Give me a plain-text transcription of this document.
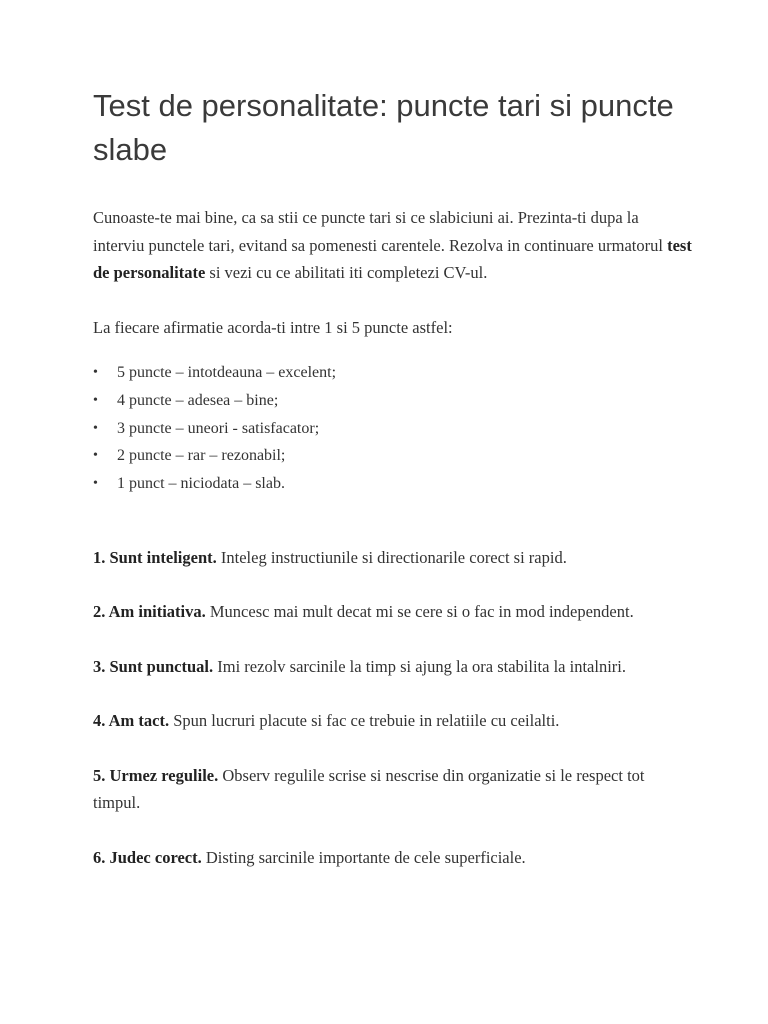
Test de personalitate: puncte tari si puncte slabe

Cunoaste-te mai bine, ca sa stii ce puncte tari si ce slabiciuni ai. Prezinta-ti dupa la interviu punctele tari, evitand sa pomenesti carentele. Rezolva in continuare urmatorul test de personalitate si vezi cu ce abilitati iti completezi CV-ul.

La fiecare afirmatie acorda-ti intre 1 si 5 puncte astfel:

• 5 puncte – intotdeauna – excelent;
• 4 puncte – adesea – bine;
• 3 puncte – uneori - satisfacator;
• 2 puncte – rar – rezonabil;
• 1 punct – niciodata – slab.

1. Sunt inteligent. Inteleg instructiunile si directionarile corect si rapid.

2. Am initiativa. Muncesc mai mult decat mi se cere si o fac in mod independent.

3. Sunt punctual. Imi rezolv sarcinile la timp si ajung la ora stabilita la intalniri.

4. Am tact. Spun lucruri placute si fac ce trebuie in relatiile cu ceilalti.

5. Urmez regulile. Observ regulile scrise si nescrise din organizatie si le respect tot timpul.

6. Judec corect. Disting sarcinile importante de cele superficiale.
